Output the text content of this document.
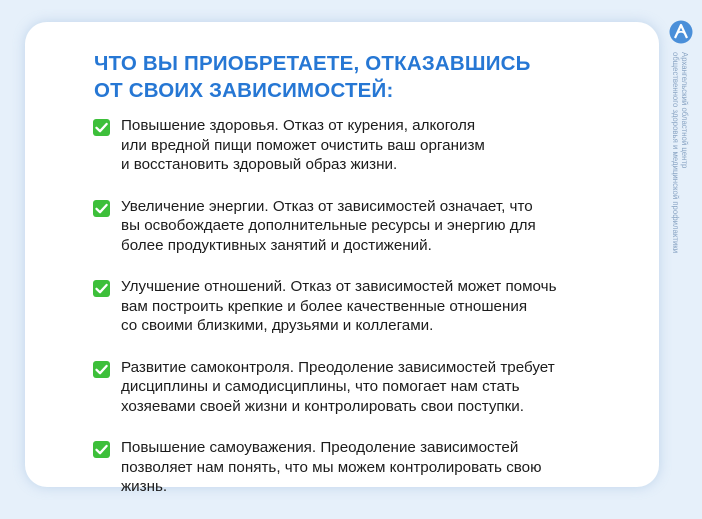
ЧТО ВЫ ПРИОБРЕТАЕТЕ, ОТКАЗАВШИСЬ
ОТ СВОИХ ЗАВИСИМОСТЕЙ:
Повышение здоровья. Отказ от курения, алкоголя
или вредной пищи поможет очистить ваш организм
и восстановить здоровый образ жизни.
Увеличение энергии. Отказ от зависимостей означает, что
вы освобождаете дополнительные ресурсы и энергию для
более продуктивных занятий и достижений.
Улучшение отношений. Отказ от зависимостей может помочь
вам построить крепкие и более качественные отношения
со своими близкими, друзьями и коллегами.
Развитие самоконтроля. Преодоление зависимостей требует
дисциплины и самодисциплины, что помогает нам стать
хозяевами своей жизни и контролировать свои поступки.
Повышение самоуважения. Преодоление зависимостей
позволяет нам понять, что мы можем контролировать свою
жизнь.
Архангельский областной центр
общественного здоровья и медицинской профилактики
